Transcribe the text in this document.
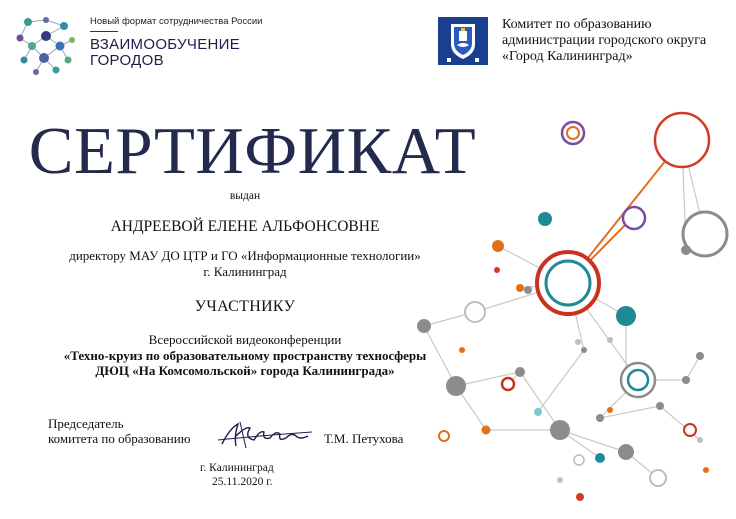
Новый формат сотрудничества России
ВЗАИМООБУЧЕНИЕ
ГОРОДОВ
Комитет по образованию
администрации городского округа
«Город Калининград»
СЕРТИФИКАТ
выдан
АНДРЕЕВОЙ ЕЛЕНЕ АЛЬФОНСОВНЕ
директору МАУ ДО ЦТР и ГО «Информационные технологии»
г. Калининград
УЧАСТНИКУ
Всероссийской видеоконференции
«Техно-круиз по образовательному пространству техносферы
ДЮЦ «На Комсомольской» города Калининграда»
Председатель
комитета по образованию	Т.М. Петухова
г. Калининград
25.11.2020 г.
